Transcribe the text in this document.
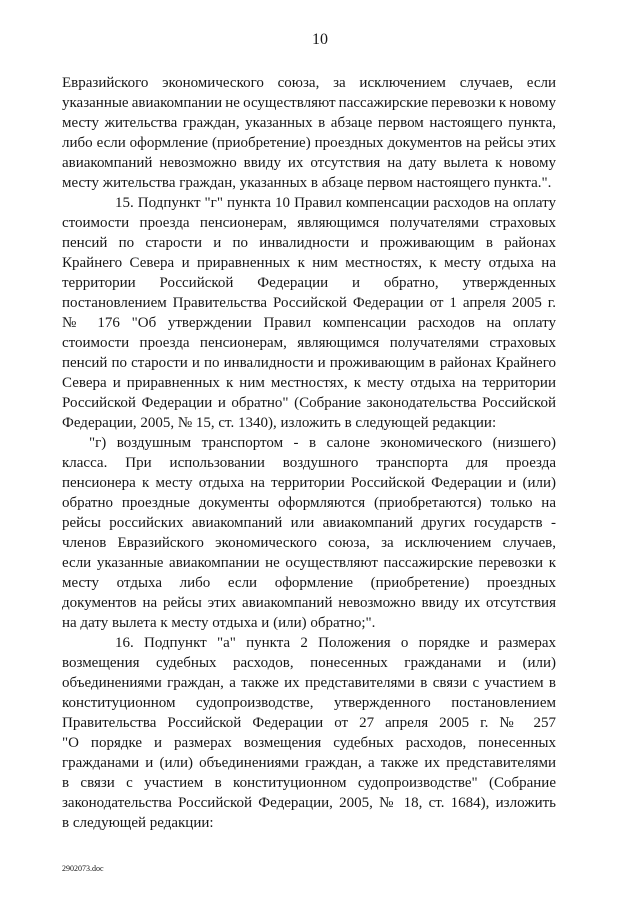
10
Евразийского экономического союза, за исключением случаев, если
указанные авиакомпании не осуществляют пассажирские перевозки к новому
месту жительства граждан, указанных в абзаце первом настоящего пункта,
либо если оформление (приобретение) проездных документов на рейсы этих
авиакомпаний невозможно ввиду их отсутствия на дату вылета к новому
месту жительства граждан, указанных в абзаце первом настоящего пункта.".
15. Подпункт "г" пункта 10 Правил компенсации расходов на оплату
стоимости проезда пенсионерам, являющимся получателями страховых
пенсий по старости и по инвалидности и проживающим в районах
Крайнего Севера и приравненных к ним местностях, к месту отдыха на
территории Российской Федерации и обратно, утвержденных
постановлением Правительства Российской Федерации от 1 апреля 2005 г.
№ 176 "Об утверждении Правил компенсации расходов на оплату
стоимости проезда пенсионерам, являющимся получателями страховых
пенсий по старости и по инвалидности и проживающим в районах Крайнего
Севера и приравненных к ним местностях, к месту отдыха на территории
Российской Федерации и обратно" (Собрание законодательства Российской
Федерации, 2005, № 15, ст. 1340), изложить в следующей редакции:
"г) воздушным транспортом - в салоне экономического (низшего)
класса. При использовании воздушного транспорта для проезда
пенсионера к месту отдыха на территории Российской Федерации и (или)
обратно проездные документы оформляются (приобретаются) только на
рейсы российских авиакомпаний или авиакомпаний других государств -
членов Евразийского экономического союза, за исключением случаев,
если указанные авиакомпании не осуществляют пассажирские перевозки к
месту отдыха либо если оформление (приобретение) проездных
документов на рейсы этих авиакомпаний невозможно ввиду их отсутствия
на дату вылета к месту отдыха и (или) обратно;".
16. Подпункт "а" пункта 2 Положения о порядке и размерах
возмещения судебных расходов, понесенных гражданами и (или)
объединениями граждан, а также их представителями в связи с участием в
конституционном судопроизводстве, утвержденного постановлением
Правительства Российской Федерации от 27 апреля 2005 г. № 257
"О порядке и размерах возмещения судебных расходов, понесенных
гражданами и (или) объединениями граждан, а также их представителями
в связи с участием в конституционном судопроизводстве" (Собрание
законодательства Российской Федерации, 2005, № 18, ст. 1684), изложить
в следующей редакции:
2902073.doc
